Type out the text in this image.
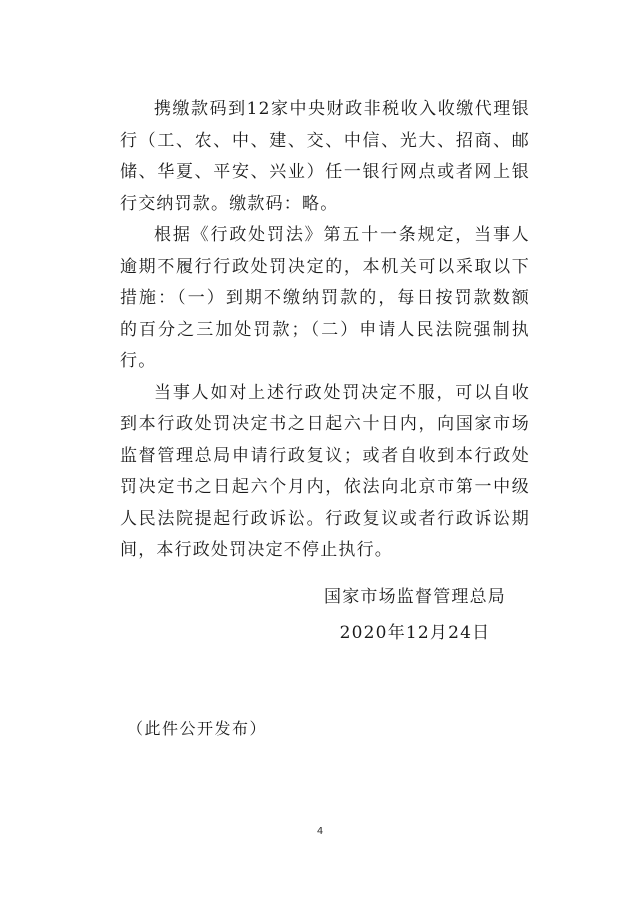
携缴款码到12家中央财政非税收入收缴代理银行（工、农、中、建、交、中信、光大、招商、邮储、华夏、平安、兴业）任一银行网点或者网上银行交纳罚款。缴款码：略。

根据《行政处罚法》第五十一条规定，当事人逾期不履行行政处罚决定的，本机关可以采取以下措施：（一）到期不缴纳罚款的，每日按罚款数额的百分之三加处罚款；（二）申请人民法院强制执行。

当事人如对上述行政处罚决定不服，可以自收到本行政处罚决定书之日起六十日内，向国家市场监督管理总局申请行政复议；或者自收到本行政处罚决定书之日起六个月内，依法向北京市第一中级人民法院提起行政诉讼。行政复议或者行政诉讼期间，本行政处罚决定不停止执行。

国家市场监督管理总局
2020年12月24日
（此件公开发布）
4
